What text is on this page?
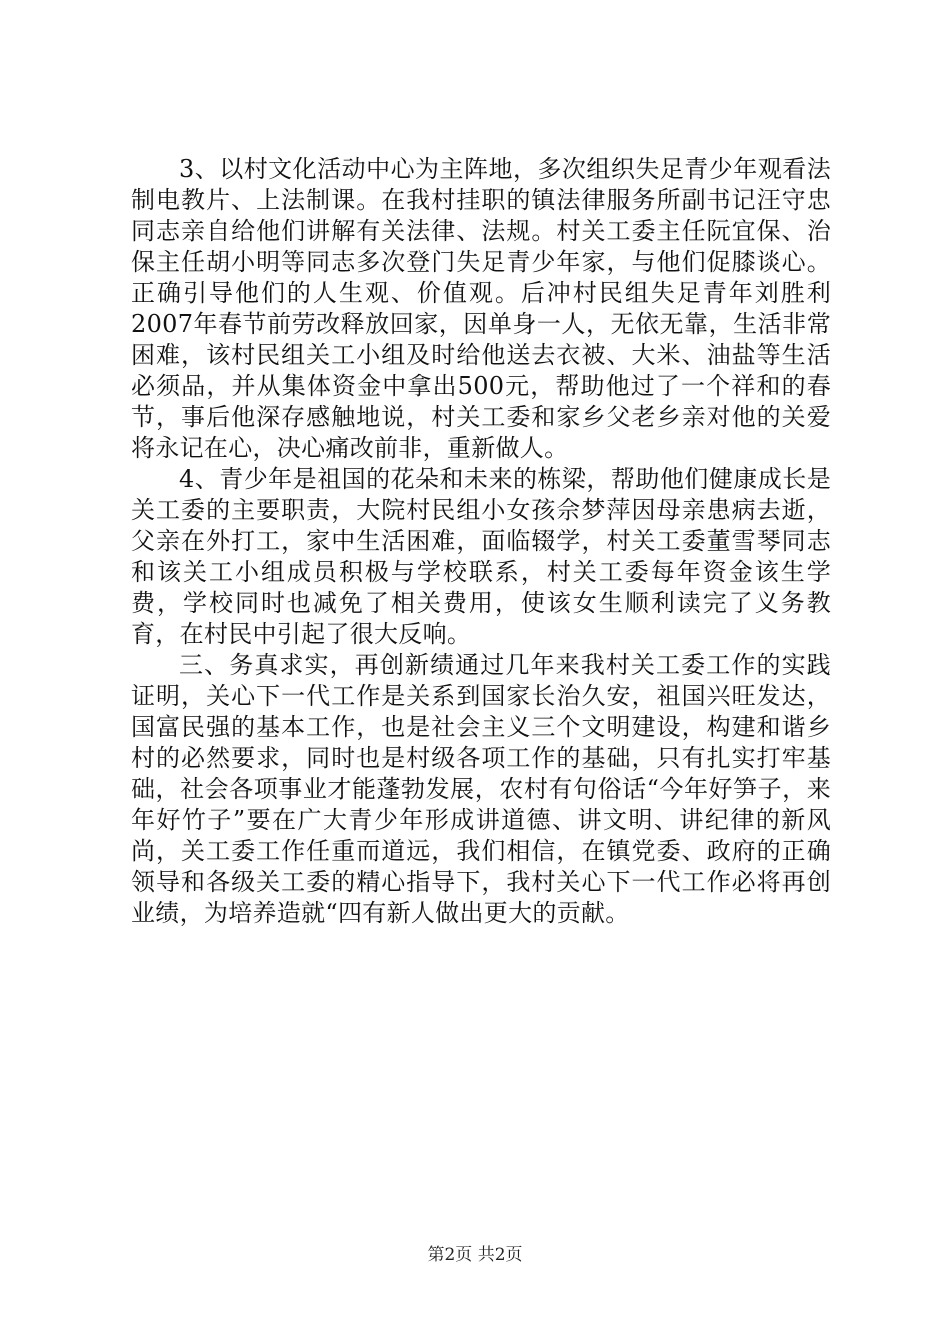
3、以村文化活动中心为主阵地，多次组织失足青少年观看法制电教片、上法制课。在我村挂职的镇法律服务所副书记汪守忠同志亲自给他们讲解有关法律、法规。村关工委主任阮宜保、治保主任胡小明等同志多次登门失足青少年家，与他们促膝谈心。正确引导他们的人生观、价值观。后冲村民组失足青年刘胜利2007年春节前劳改释放回家，因单身一人，无依无靠，生活非常困难，该村民组关工小组及时给他送去衣被、大米、油盐等生活必须品，并从集体资金中拿出500元，帮助他过了一个祥和的春节，事后他深存感触地说，村关工委和家乡父老乡亲对他的关爱将永记在心，决心痛改前非，重新做人。

4、青少年是祖国的花朵和未来的栋梁，帮助他们健康成长是关工委的主要职责，大院村民组小女孩佘梦萍因母亲患病去逝，父亲在外打工，家中生活困难，面临辍学，村关工委董雪琴同志和该关工小组成员积极与学校联系，村关工委每年资金该生学费，学校同时也减免了相关费用，使该女生顺利读完了义务教育，在村民中引起了很大反响。

三、务真求实，再创新绩通过几年来我村关工委工作的实践证明，关心下一代工作是关系到国家长治久安，祖国兴旺发达，国富民强的基本工作，也是社会主义三个文明建设，构建和谐乡村的必然要求，同时也是村级各项工作的基础，只有扎实打牢基础，社会各项事业才能蓬勃发展，农村有句俗话“今年好笋子，来年好竹子”要在广大青少年形成讲道德、讲文明、讲纪律的新风尚，关工委工作任重而道远，我们相信，在镇党委、政府的正确领导和各级关工委的精心指导下，我村关心下一代工作必将再创业绩，为培养造就“四有新人做出更大的贡献。

第2页 共2页
